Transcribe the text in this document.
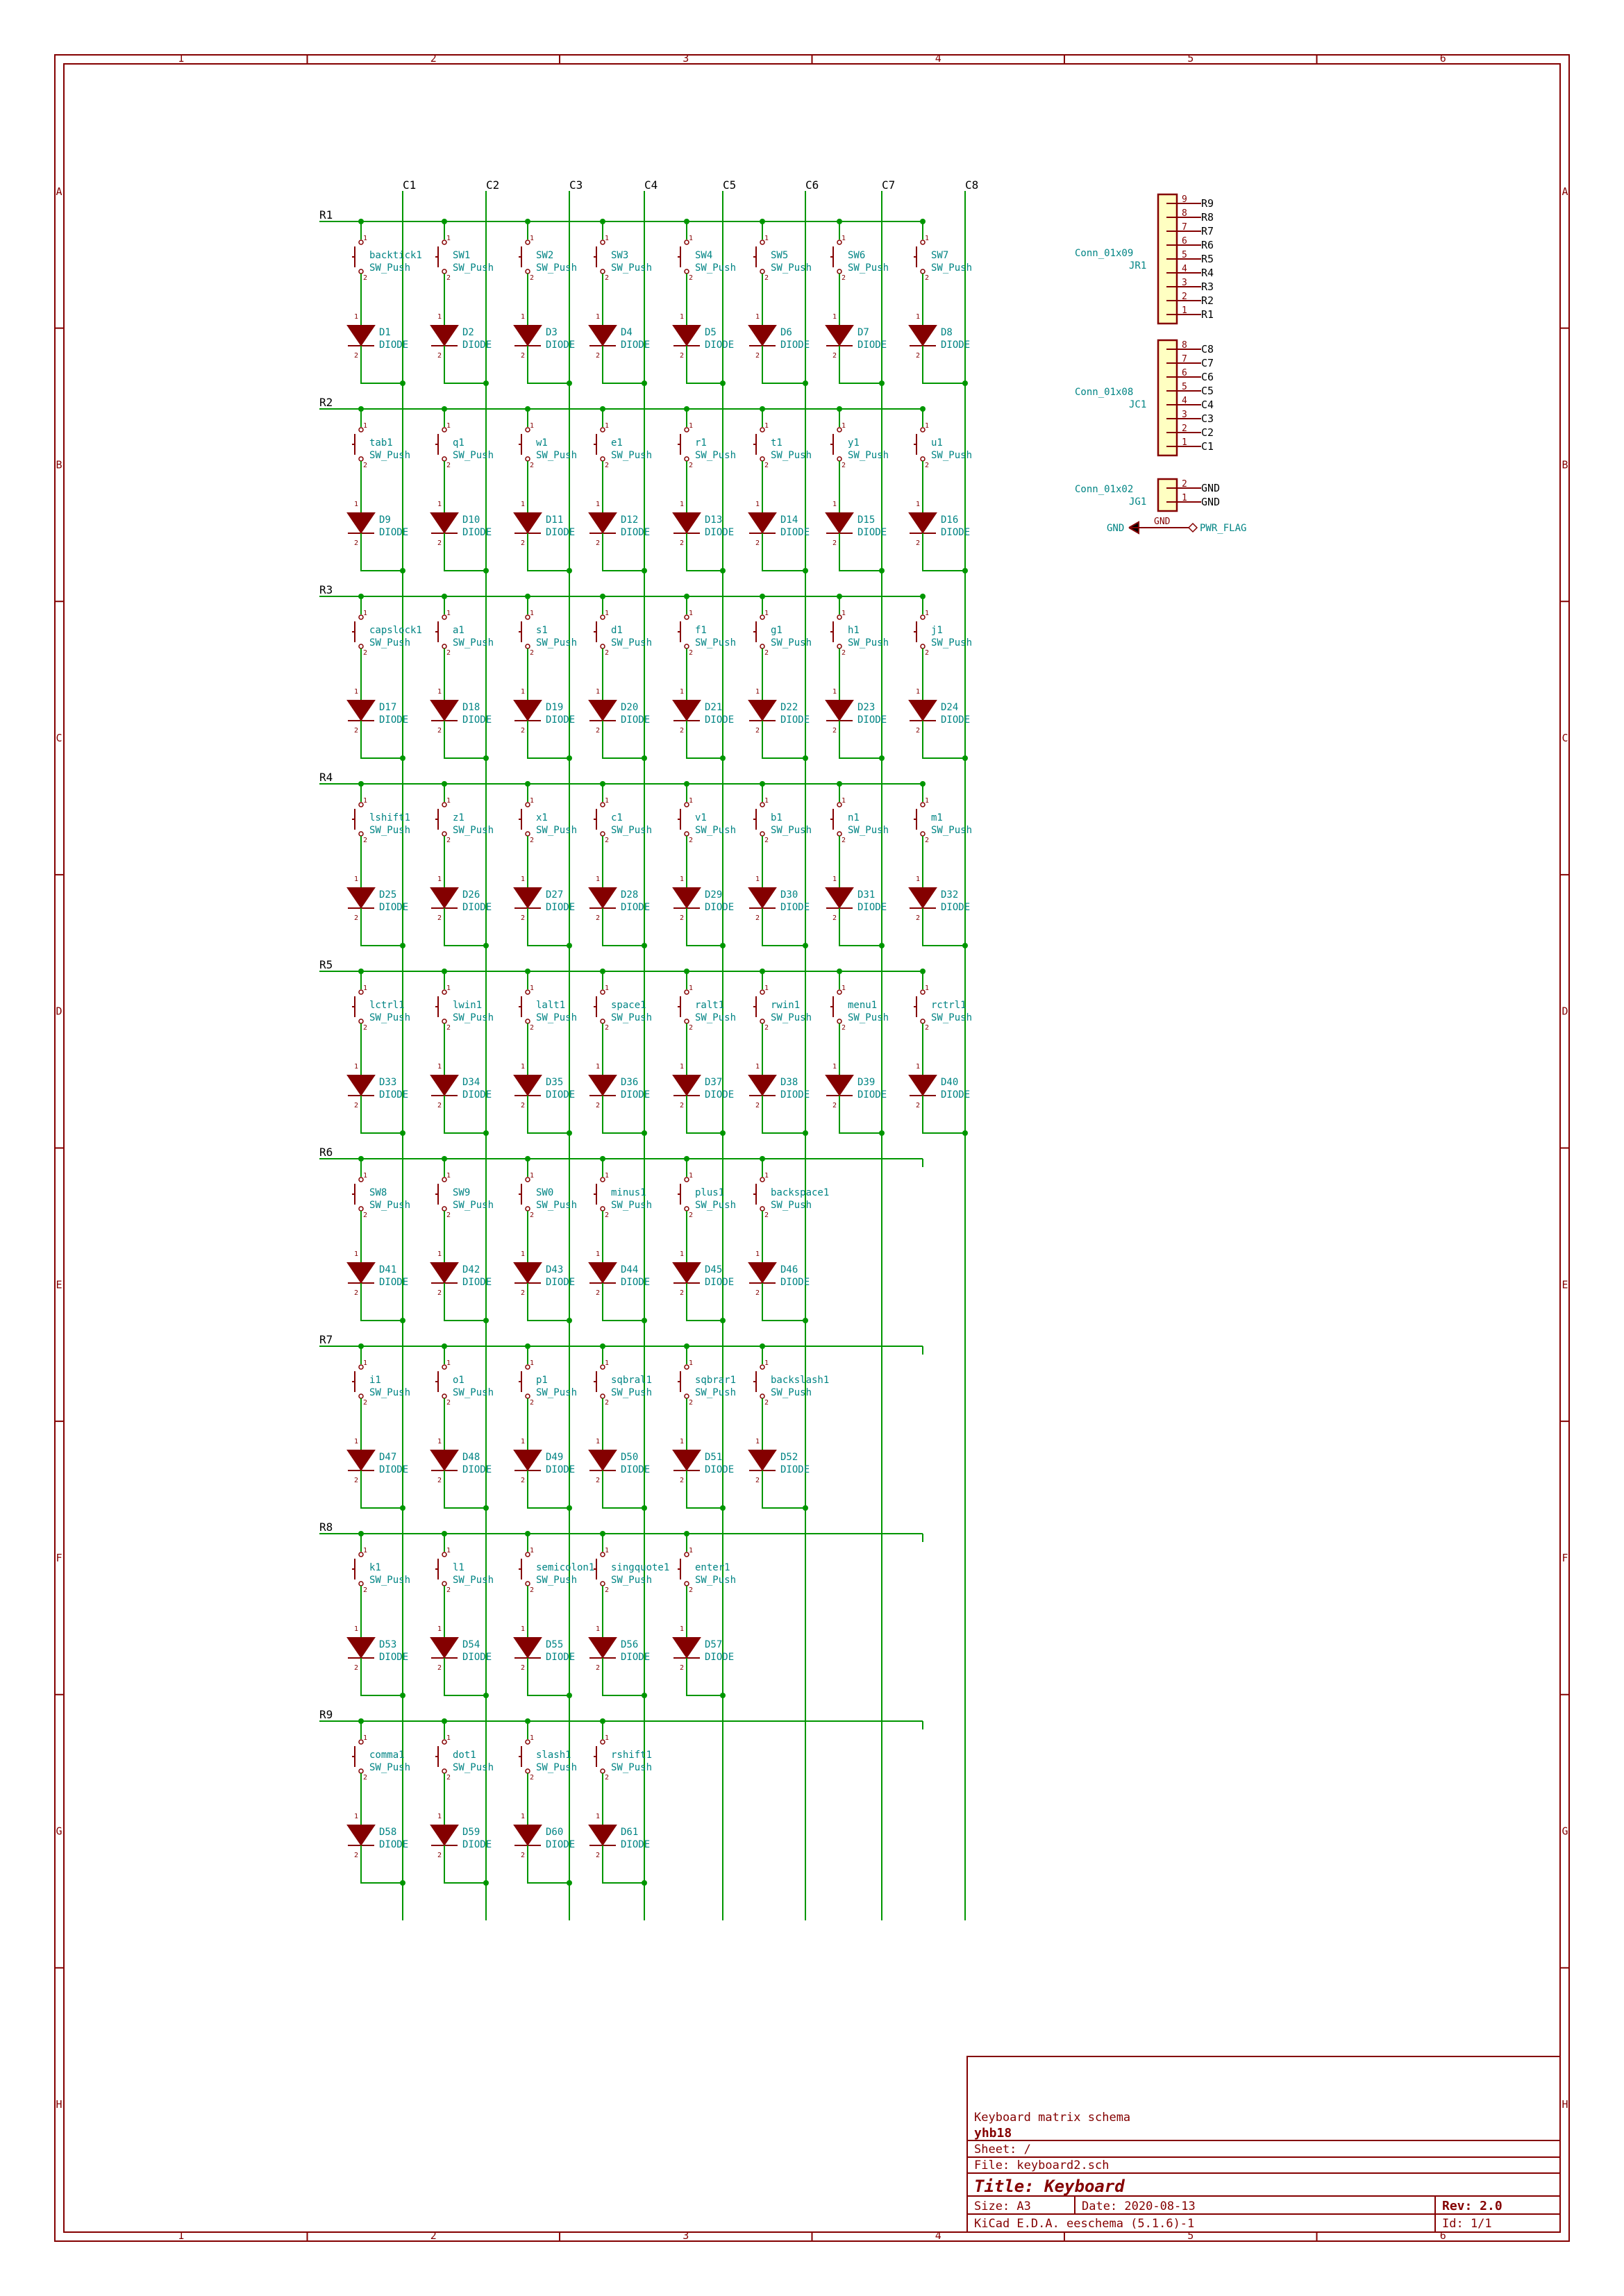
1
1
2
2
3
3
4
4
5
5
6
6
A	A
B	B
C	C
D	D
E	E
F	F
G	G
H	H
1
2
backtick1
SW_Push
1
2
D1
DIODE
1
2
SW1
SW_Push
1
2
D2
DIODE
1
2
SW2
SW_Push
1
2
D3
DIODE
1
2
SW3
SW_Push
1
2
D4
DIODE
1
2
SW4
SW_Push
1
2
D5
DIODE
1
2
SW5
SW_Push
1
2
D6
DIODE
1
2
SW6
SW_Push
1
2
D7
DIODE
1
2
SW7
SW_Push
1
2
D8
DIODE
1
2
tab1
SW_Push
1
2
D9
DIODE
1
2
q1
SW_Push
1
2
D10
DIODE
1
2
w1
SW_Push
1
2
D11
DIODE
1
2
e1
SW_Push
1
2
D12
DIODE
1
2
r1
SW_Push
1
2
D13
DIODE
1
2
t1
SW_Push
1
2
D14
DIODE
1
2
y1
SW_Push
1
2
D15
DIODE
1
2
u1
SW_Push
1
2
D16
DIODE
1
2
capslock1
SW_Push
1
2
D17
DIODE
1
2
a1
SW_Push
1
2
D18
DIODE
1
2
s1
SW_Push
1
2
D19
DIODE
1
2
d1
SW_Push
1
2
D20
DIODE
1
2
f1
SW_Push
1
2
D21
DIODE
1
2
g1
SW_Push
1
2
D22
DIODE
1
2
h1
SW_Push
1
2
D23
DIODE
1
2
j1
SW_Push
1
2
D24
DIODE
1
2
lshift1
SW_Push
1
2
D25
DIODE
1
2
z1
SW_Push
1
2
D26
DIODE
1
2
x1
SW_Push
1
2
D27
DIODE
1
2
c1
SW_Push
1
2
D28
DIODE
1
2
v1
SW_Push
1
2
D29
DIODE
1
2
b1
SW_Push
1
2
D30
DIODE
1
2
n1
SW_Push
1
2
D31
DIODE
1
2
m1
SW_Push
1
2
D32
DIODE
1
2
lctrl1
SW_Push
1
2
D33
DIODE
1
2
lwin1
SW_Push
1
2
D34
DIODE
1
2
lalt1
SW_Push
1
2
D35
DIODE
1
2
space1
SW_Push
1
2
D36
DIODE
1
2
ralt1
SW_Push
1
2
D37
DIODE
1
2
rwin1
SW_Push
1
2
D38
DIODE
1
2
menu1
SW_Push
1
2
D39
DIODE
1
2
rctrl1
SW_Push
1
2
D40
DIODE
1
2
SW8
SW_Push
1
2
D41
DIODE
1
2
SW9
SW_Push
1
2
D42
DIODE
1
2
SW0
SW_Push
1
2
D43
DIODE
1
2
minus1
SW_Push
1
2
D44
DIODE
1
2
plus1
SW_Push
1
2
D45
DIODE
1
2
backspace1
SW_Push
1
2
D46
DIODE
1
2
i1
SW_Push
1
2
D47
DIODE
1
2
o1
SW_Push
1
2
D48
DIODE
1
2
p1
SW_Push
1
2
D49
DIODE
1
2
sqbral1
SW_Push
1
2
D50
DIODE
1
2
sqbrar1
SW_Push
1
2
D51
DIODE
1
2
backslash1
SW_Push
1
2
D52
DIODE
1
2
k1
SW_Push
1
2
D53
DIODE
1
2
l1
SW_Push
1
2
D54
DIODE
1
2
semicolon1
SW_Push
1
2
D55
DIODE
1
2
singquote1
SW_Push
1
2
D56
DIODE
1
2
enter1
SW_Push
1
2
D57
DIODE
1
2
comma1
SW_Push
1
2
D58
DIODE
1
2
dot1
SW_Push
1
2
D59
DIODE
1
2
slash1
SW_Push
1
2
D60
DIODE
1
2
rshift1
SW_Push
1
2
D61
DIODE
C1	C2	C3	C4	C5	C6	C7	C8
R1
R2
R3
R4
R5
R6
R7
R8
R9
Conn_01x09
JR1
9 R9
8 R8
7 R7
6 R6
5 R5
4 R4
3 R3
2 R2
1 R1
Conn_01x08
JC1
8 C8
7 C7
6 C6
5 C5
4 C4
3 C3
2 C2
1 C1
Conn_01x02
JG1
2 GND
1 GND
GND
GND
PWR_FLAG
Keyboard matrix schema
yhb18
Sheet: /
File: keyboard2.sch
Title: Keyboard
Size: A3	Date: 2020-08-13	Rev: 2.0
KiCad E.D.A. eeschema (5.1.6)-1	Id: 1/1
